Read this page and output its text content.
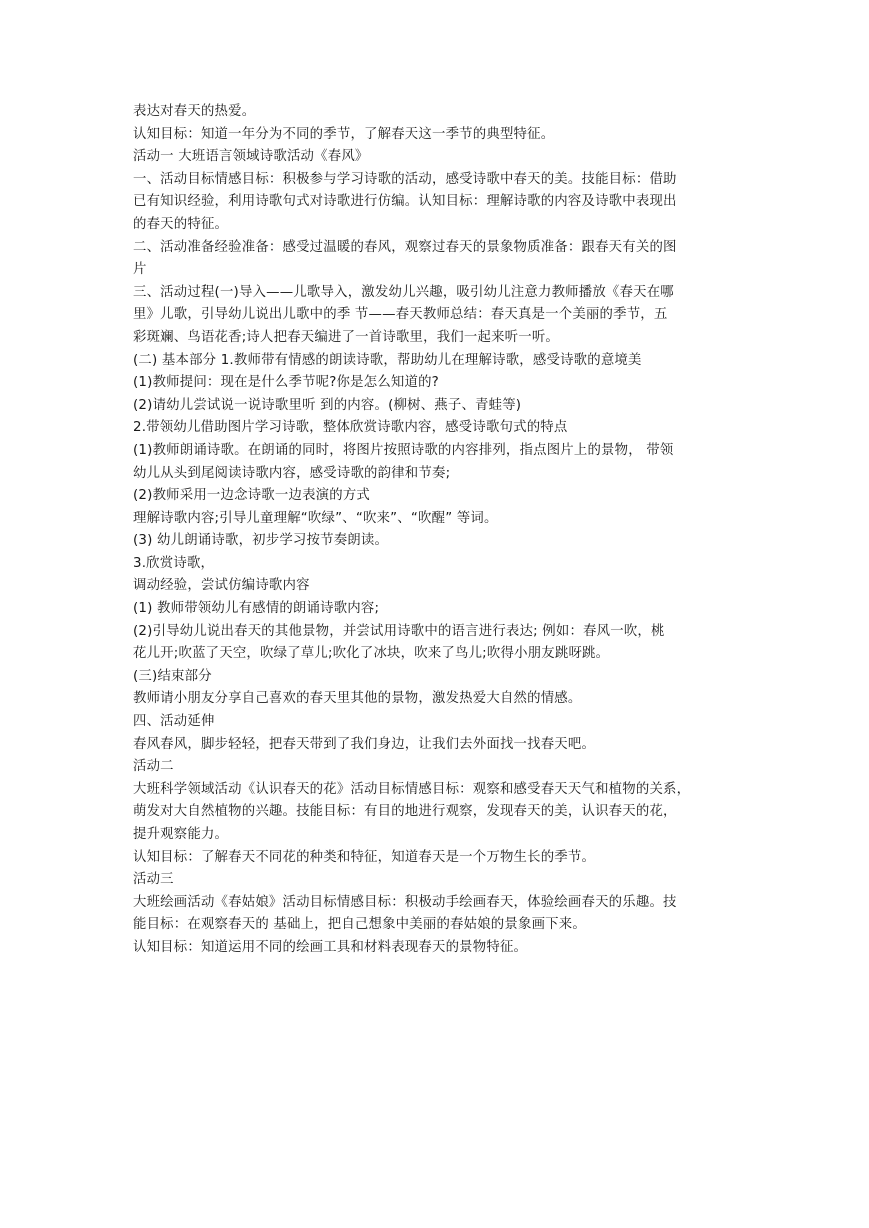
表达对春天的热爱。
认知目标：知道一年分为不同的季节，了解春天这一季节的典型特征。
活动一 大班语言领域诗歌活动《春风》
一、活动目标情感目标：积极参与学习诗歌的活动，感受诗歌中春天的美。技能目标：借助
已有知识经验，利用诗歌句式对诗歌进行仿编。认知目标：理解诗歌的内容及诗歌中表现出
的春天的特征。
二、活动准备经验准备：感受过温暖的春风，观察过春天的景象物质准备：跟春天有关的图
片
三、活动过程(一)导入——儿歌导入，激发幼儿兴趣，吸引幼儿注意力教师播放《春天在哪
里》儿歌，引导幼儿说出儿歌中的季 节——春天教师总结：春天真是一个美丽的季节，五
彩斑斓、鸟语花香;诗人把春天编进了一首诗歌里，我们一起来听一听。
(二) 基本部分 1.教师带有情感的朗读诗歌，帮助幼儿在理解诗歌，感受诗歌的意境美
(1)教师提问：现在是什么季节呢?你是怎么知道的?
(2)请幼儿尝试说一说诗歌里听 到的内容。(柳树、燕子、青蛙等)
2.带领幼儿借助图片学习诗歌，整体欣赏诗歌内容，感受诗歌句式的特点
(1)教师朗诵诗歌。在朗诵的同时，将图片按照诗歌的内容排列，指点图片上的景物， 带领
幼儿从头到尾阅读诗歌内容，感受诗歌的韵律和节奏;
(2)教师采用一边念诗歌一边表演的方式
理解诗歌内容;引导儿童理解“吹绿”、“吹来”、“吹醒” 等词。
(3) 幼儿朗诵诗歌，初步学习按节奏朗读。
3.欣赏诗歌，
调动经验，尝试仿编诗歌内容
(1) 教师带领幼儿有感情的朗诵诗歌内容;
(2)引导幼儿说出春天的其他景物，并尝试用诗歌中的语言进行表达; 例如：春风一吹，桃
花儿开;吹蓝了天空，吹绿了草儿;吹化了冰块，吹来了鸟儿;吹得小朋友跳呀跳。
(三)结束部分
教师请小朋友分享自己喜欢的春天里其他的景物，激发热爱大自然的情感。
四、活动延伸
春风春风，脚步轻轻，把春天带到了我们身边，让我们去外面找一找春天吧。
活动二
大班科学领域活动《认识春天的花》活动目标情感目标：观察和感受春天天气和植物的关系，
萌发对大自然植物的兴趣。技能目标：有目的地进行观察，发现春天的美，认识春天的花，
提升观察能力。
认知目标：了解春天不同花的种类和特征，知道春天是一个万物生长的季节。
活动三
大班绘画活动《春姑娘》活动目标情感目标：积极动手绘画春天，体验绘画春天的乐趣。技
能目标：在观察春天的 基础上，把自己想象中美丽的春姑娘的景象画下来。
认知目标：知道运用不同的绘画工具和材料表现春天的景物特征。
